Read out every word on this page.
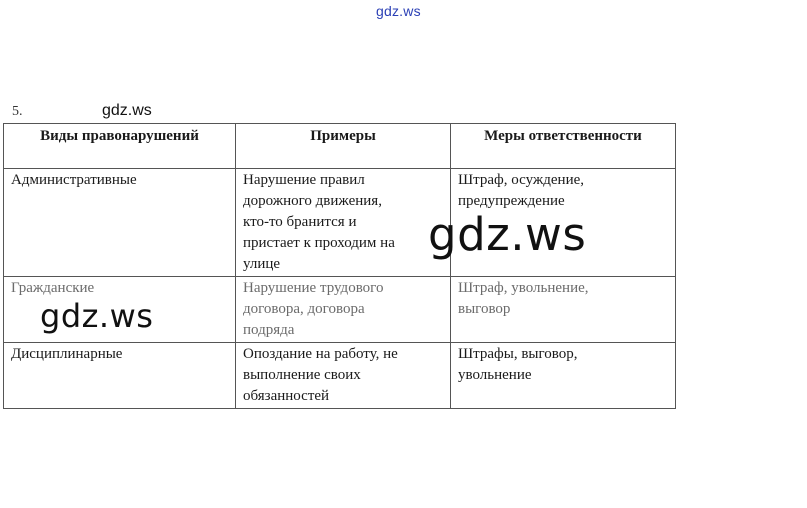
gdz.ws
5.	gdz.ws
Виды правонарушений	Примеры	Меры ответственности
Административные	Нарушение правил
дорожного движения,
кто-то бранится и
пристает к проходим на
улице	Штраф, осуждение,
предупреждение
Гражданские	Нарушение трудового
договора, договора
подряда	Штраф, увольнение,
выговор
Дисциплинарные	Опоздание на работу, не
выполнение своих
обязанностей	Штрафы, выговор,
увольнение
gdz.ws
gdz.ws
